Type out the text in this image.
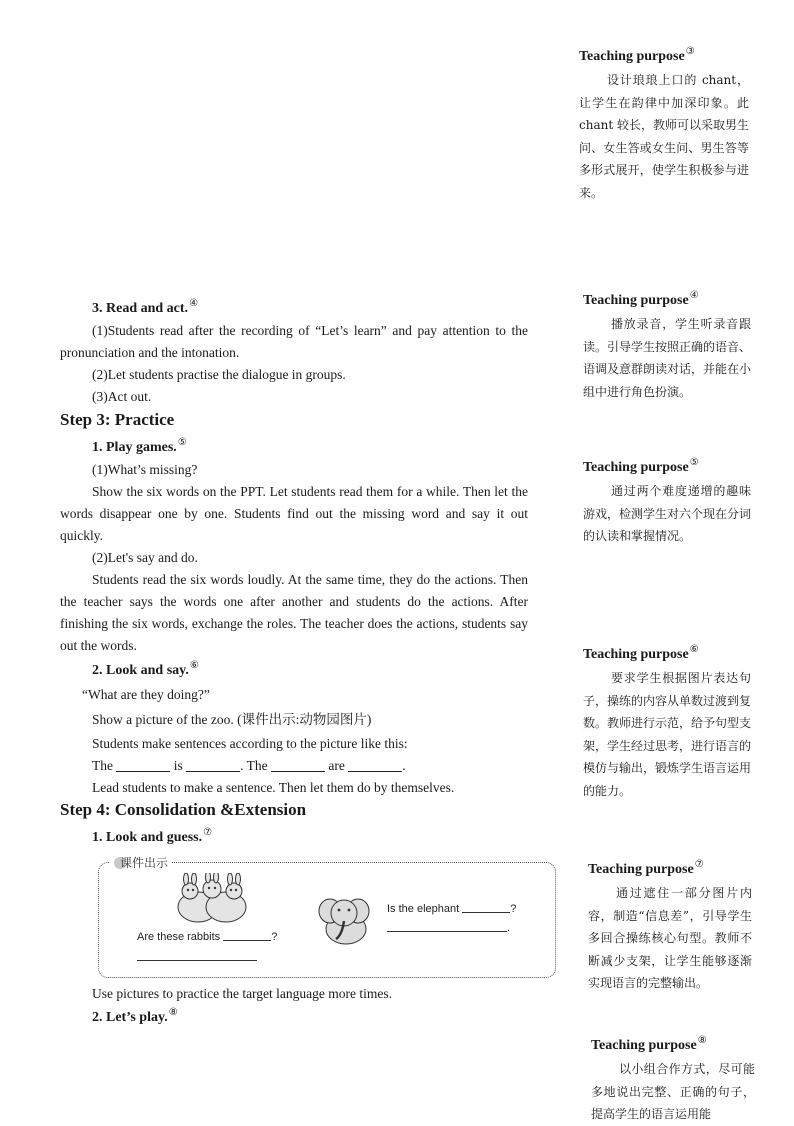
Teaching purpose③
设计琅琅上口的 chant，让学生在韵律中加深印象。此 chant 较长，教师可以采取男生问、女生答或女生问、男生答等多形式展开，使学生积极参与进来。
Teaching purpose④
播放录音，学生听录音跟读。引导学生按照正确的语音、语调及意群朗读对话，并能在小组中进行角色扮演。
Teaching purpose⑤
通过两个难度递增的趣味游戏，检测学生对六个现在分词的认读和掌握情况。
Teaching purpose⑥
要求学生根据图片表达句子，操练的内容从单数过渡到复数。教师进行示范，给予句型支架，学生经过思考，进行语言的模仿与输出，锻炼学生语言运用的能力。
Teaching purpose⑦
通过遮住一部分图片内容，制造“信息差”，引导学生多回合操练核心句型。教师不断减少支架，让学生能够逐渐实现语言的完整输出。
Teaching purpose⑧
以小组合作方式，尽可能多地说出完整、正确的句子，提高学生的语言运用能
3. Read and act.④
(1)Students read after the recording of “Let’s learn” and pay attention to the pronunciation and the intonation.
(2)Let students practise the dialogue in groups.
(3)Act out.
Step 3: Practice
1. Play games.⑤
(1)What’s missing?
Show the six words on the PPT. Let students read them for a while. Then let the words disappear one by one. Students find out the missing word and say it out quickly.
(2)Let's say and do.
Students read the six words loudly. At the same time, they do the actions. Then the teacher says the words one after another and students do the actions. After finishing the six words, exchange the roles. The teacher does the actions, students say out the words.
2. Look and say.⑥
“What are they doing?”
Show a picture of the zoo. (课件出示:动物园图片)
Students make sentences according to the picture like this:
The	is	. The	are	.
Lead students to make a sentence. Then let them do by themselves.
Step 4: Consolidation &Extension
1. Look and guess.⑦
课件出示
Are these rabbits	?
Is the elephant	?
.
Use pictures to practice the target language more times.
2. Let’s play.⑧
